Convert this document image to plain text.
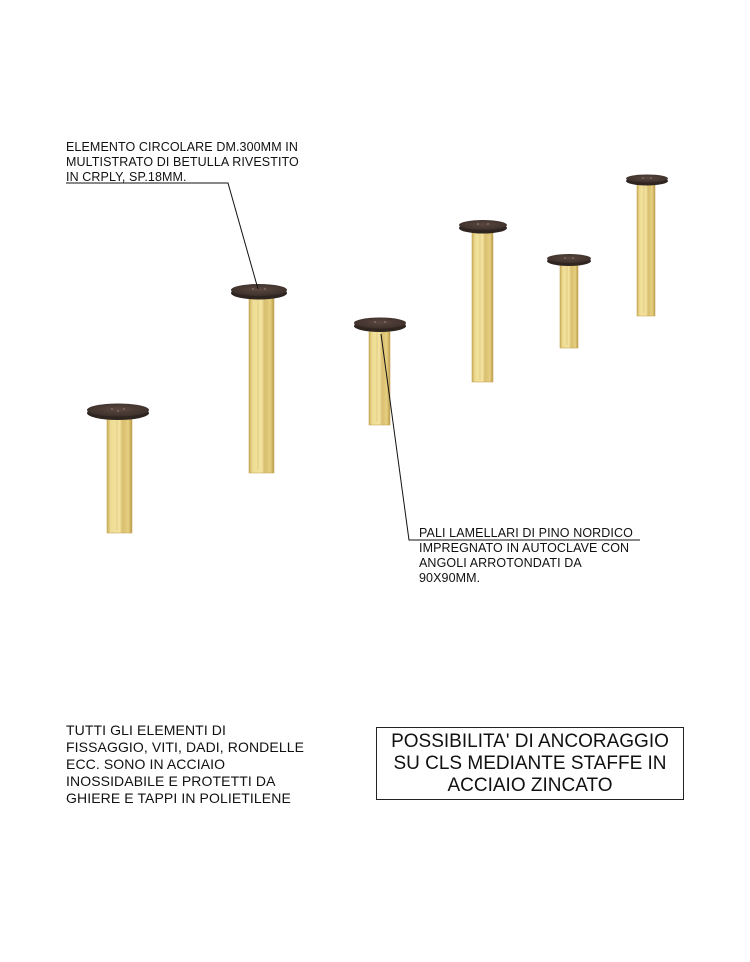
ELEMENTO CIRCOLARE DM.300MM IN
MULTISTRATO DI BETULLA RIVESTITO
IN CRPLY, SP.18MM.
PALI LAMELLARI DI PINO NORDICO
IMPREGNATO IN AUTOCLAVE CON
ANGOLI ARROTONDATI DA
90X90MM.
TUTTI GLI ELEMENTI DI
FISSAGGIO, VITI, DADI, RONDELLE
ECC. SONO IN ACCIAIO
INOSSIDABILE E PROTETTI DA
GHIERE E TAPPI IN POLIETILENE
POSSIBILITA' DI ANCORAGGIO
SU CLS MEDIANTE STAFFE IN
ACCIAIO ZINCATO
